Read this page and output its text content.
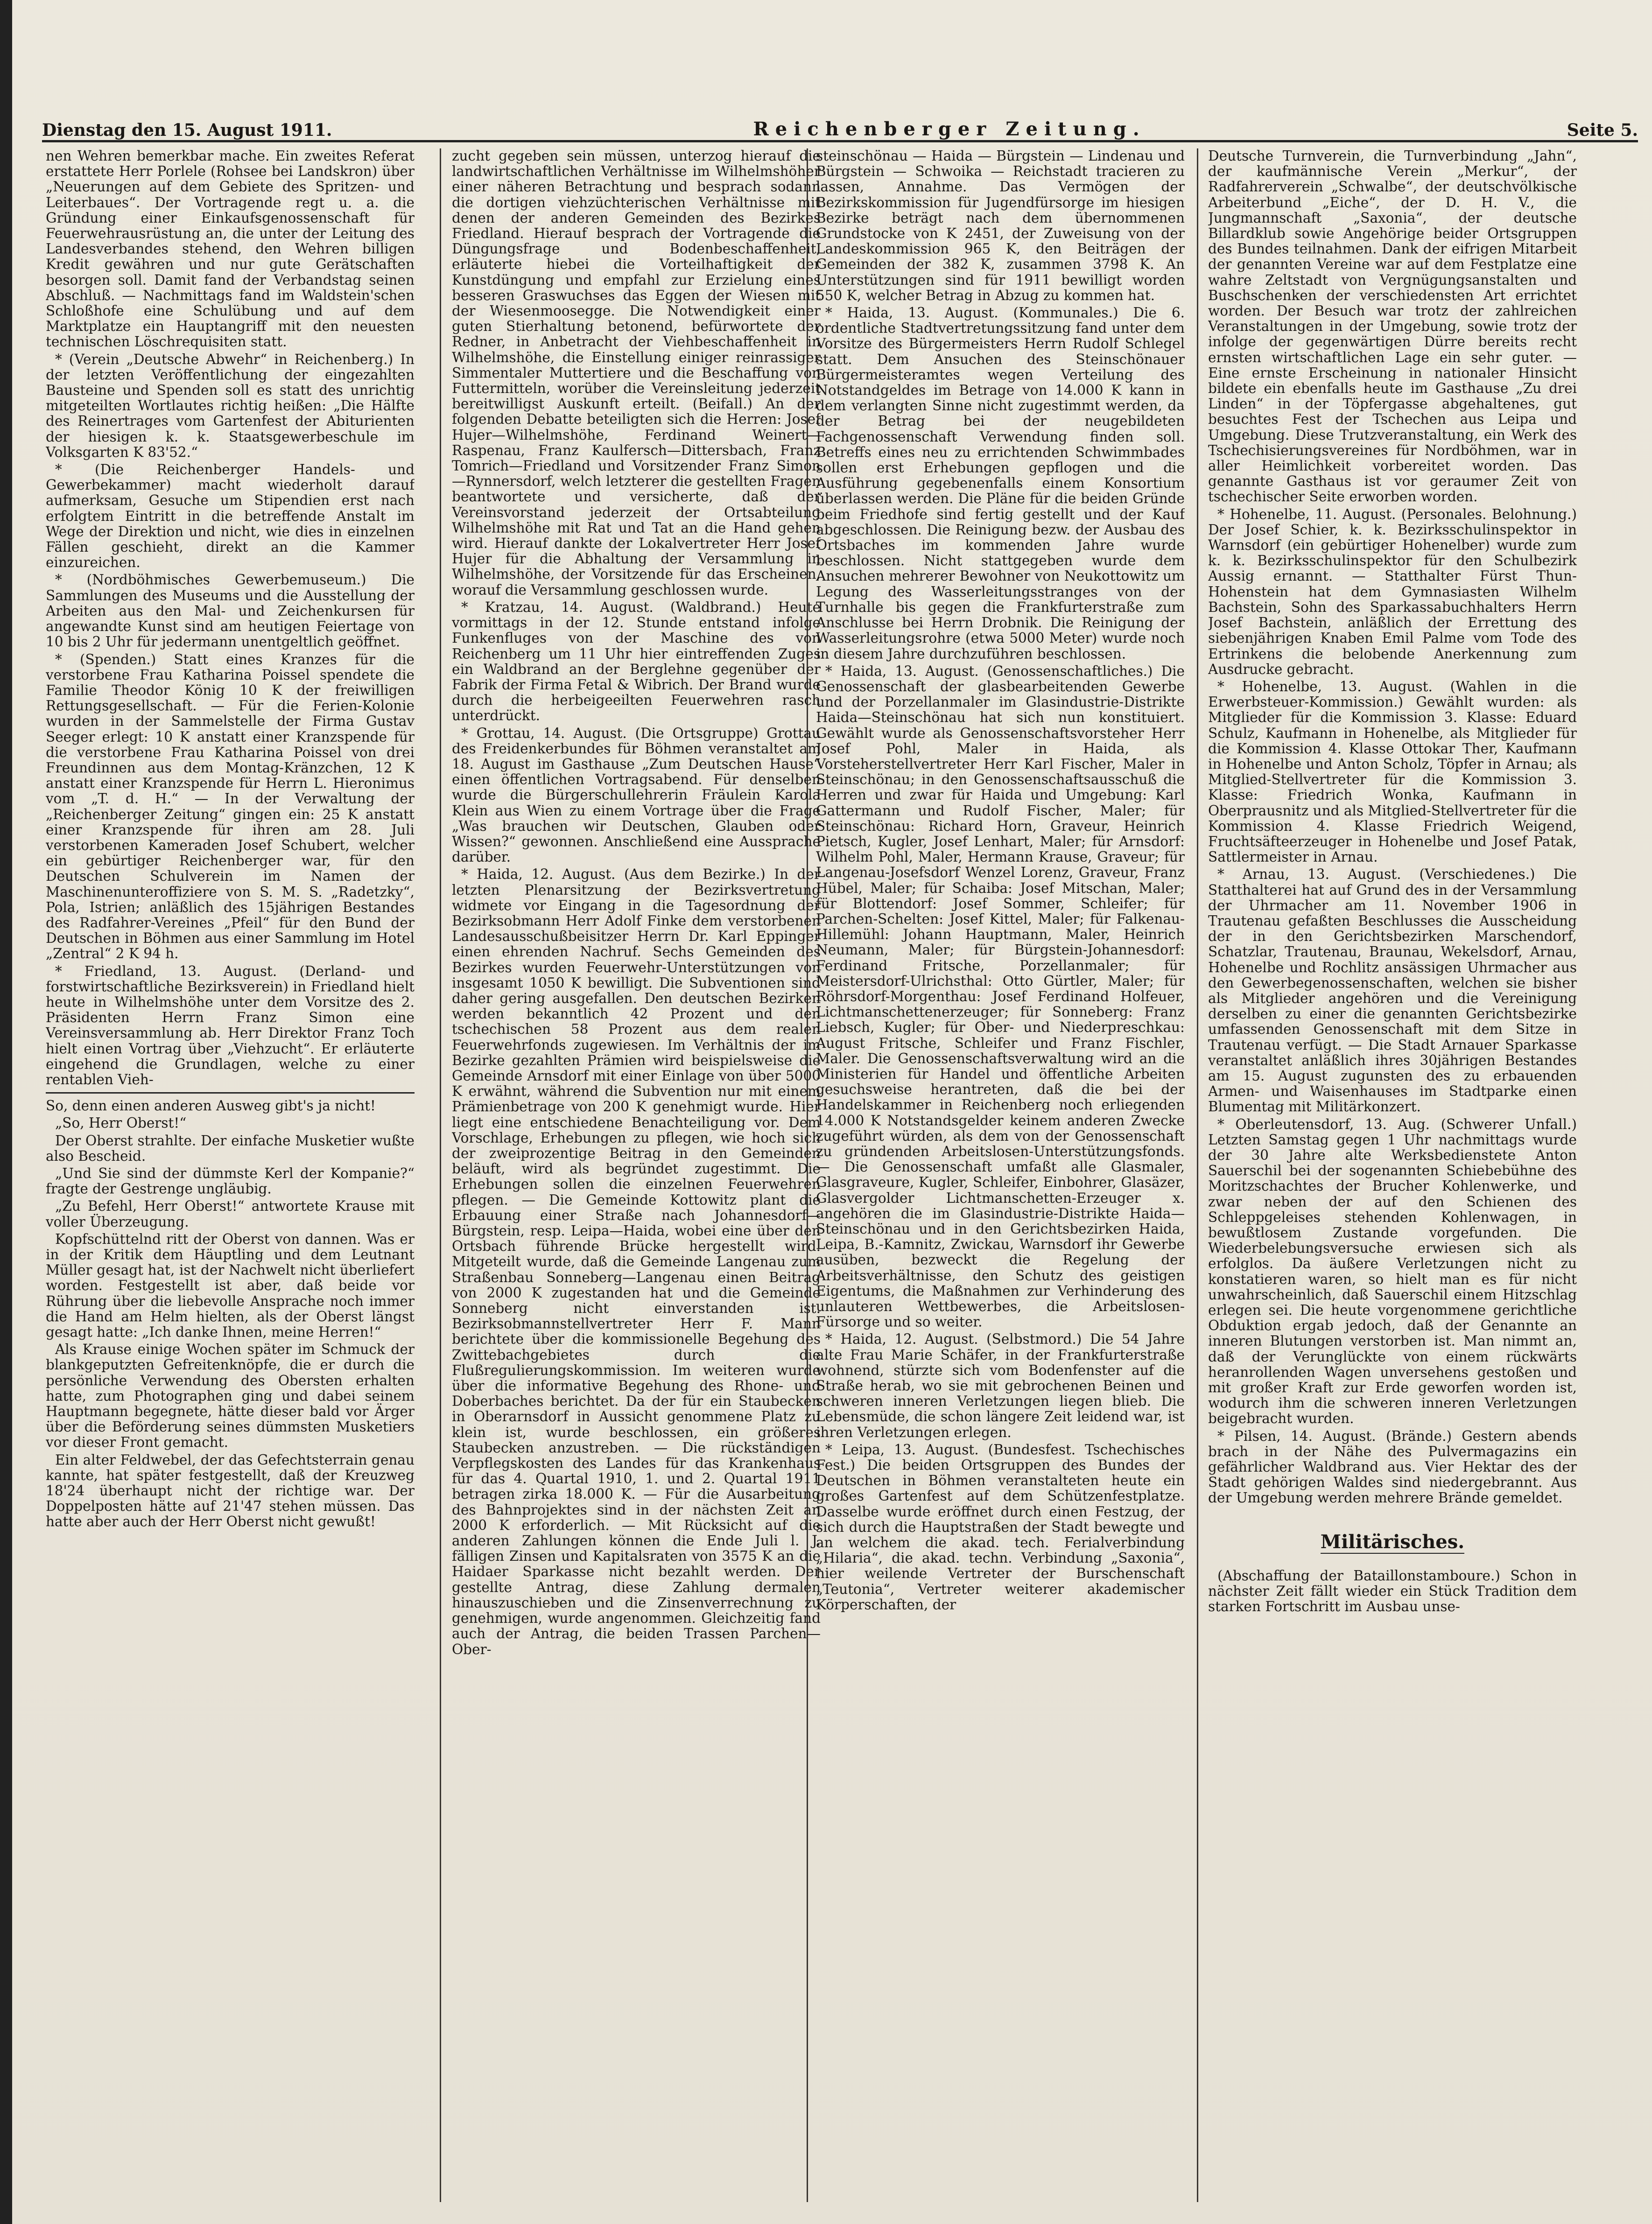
Dienstag den 15. August 1911.	Reichenberger Zeitung.	Seite 5.

nen Wehren bemerkbar mache. Ein zweites Referat erstattete Herr Porlele (Rohsee bei Landskron) über „Neuerungen auf dem Gebiete des Spritzen- und Leiterbaues“. Der Vortragende regt u. a. die Gründung einer Einkaufsgenossenschaft für Feuerwehrausrüstung an, die unter der Leitung des Landesverbandes stehend, den Wehren billigen Kredit gewähren und nur gute Gerätschaften besorgen soll. Damit fand der Verbandstag seinen Abschluß. — Nachmittags fand im Waldstein'schen Schloßhofe eine Schulübung und auf dem Marktplatze ein Hauptangriff mit den neuesten technischen Löschrequisiten statt.

* (Verein „Deutsche Abwehr“ in Reichenberg.) In der letzten Veröffentlichung der eingezahlten Bausteine und Spenden soll es statt des unrichtig mitgeteilten Wortlautes richtig heißen: „Die Hälfte des Reinertrages vom Gartenfest der Abiturienten der hiesigen k. k. Staatsgewerbeschule im Volksgarten K 83'52.“

* (Die Reichenberger Handels- und Gewerbekammer) macht wiederholt darauf aufmerksam, Gesuche um Stipendien erst nach erfolgtem Eintritt in die betreffende Anstalt im Wege der Direktion und nicht, wie dies in einzelnen Fällen geschieht, direkt an die Kammer einzureichen.

* (Nordböhmisches Gewerbemuseum.) Die Sammlungen des Museums und die Ausstellung der Arbeiten aus den Mal- und Zeichenkursen für angewandte Kunst sind am heutigen Feiertage von 10 bis 2 Uhr für jedermann unentgeltlich geöffnet.

* (Spenden.) Statt eines Kranzes für die verstorbene Frau Katharina Poissel spendete die Familie Theodor König 10 K der freiwilligen Rettungsgesellschaft. — Für die Ferien-Kolonie wurden in der Sammelstelle der Firma Gustav Seeger erlegt: 10 K anstatt einer Kranzspende für die verstorbene Frau Katharina Poissel von drei Freundinnen aus dem Montag-Kränzchen, 12 K anstatt einer Kranzspende für Herrn L. Hieronimus vom „T. d. H.“ — In der Verwaltung der „Reichenberger Zeitung“ gingen ein: 25 K anstatt einer Kranzspende für ihren am 28. Juli verstorbenen Kameraden Josef Schubert, welcher ein gebürtiger Reichenberger war, für den Deutschen Schulverein im Namen der Maschinenunteroffiziere von S. M. S. „Radetzky“, Pola, Istrien; anläßlich des 15jährigen Bestandes des Radfahrer-Vereines „Pfeil“ für den Bund der Deutschen in Böhmen aus einer Sammlung im Hotel „Zentral“ 2 K 94 h.

* Friedland, 13. August. (Derland- und forstwirtschaftliche Bezirksverein) in Friedland hielt heute in Wilhelmshöhe unter dem Vorsitze des 2. Präsidenten Herrn Franz Simon eine Vereinsversammlung ab. Herr Direktor Franz Toch hielt einen Vortrag über „Viehzucht“. Er erläuterte eingehend die Grundlagen, welche zu einer rentablen Vieh-

So, denn einen anderen Ausweg gibt's ja nicht!

„So, Herr Oberst!“

Der Oberst strahlte. Der einfache Musketier wußte also Bescheid.

„Und Sie sind der dümmste Kerl der Kompanie?“ fragte der Gestrenge ungläubig.

„Zu Befehl, Herr Oberst!“ antwortete Krause mit voller Überzeugung.

Kopfschüttelnd ritt der Oberst von dannen. Was er in der Kritik dem Häuptling und dem Leutnant Müller gesagt hat, ist der Nachwelt nicht überliefert worden. Festgestellt ist aber, daß beide vor Rührung über die liebevolle Ansprache noch immer die Hand am Helm hielten, als der Oberst längst gesagt hatte: „Ich danke Ihnen, meine Herren!“

Als Krause einige Wochen später im Schmuck der blankgeputzten Gefreitenknöpfe, die er durch die persönliche Verwendung des Obersten erhalten hatte, zum Photographen ging und dabei seinem Hauptmann begegnete, hätte dieser bald vor Ärger über die Beförderung seines dümmsten Musketiers vor dieser Front gemacht.

Ein alter Feldwebel, der das Gefechtsterrain genau kannte, hat später festgestellt, daß der Kreuzweg 18'24 überhaupt nicht der richtige war. Der Doppelposten hätte auf 21'47 stehen müssen. Das hatte aber auch der Herr Oberst nicht gewußt!

zucht gegeben sein müssen, unterzog hierauf die landwirtschaftlichen Verhältnisse im Wilhelmshöher einer näheren Betrachtung und besprach sodann die dortigen viehzüchterischen Verhältnisse mit denen der anderen Gemeinden des Bezirkes Friedland. Hierauf besprach der Vortragende die Düngungsfrage und Bodenbeschaffenheit, erläuterte hiebei die Vorteilhaftigkeit der Kunstdüngung und empfahl zur Erzielung eines besseren Graswuchses das Eggen der Wiesen mit der Wiesenmoosegge. Die Notwendigkeit einer guten Stierhaltung betonend, befürwortete der Redner, in Anbetracht der Viehbeschaffenheit in Wilhelmshöhe, die Einstellung einiger reinrassiger Simmentaler Muttertiere und die Beschaffung von Futtermitteln, worüber die Vereinsleitung jederzeit bereitwilligst Auskunft erteilt. (Beifall.) An der folgenden Debatte beteiligten sich die Herren: Josef Hujer—Wilhelmshöhe, Ferdinand Weinert—Raspenau, Franz Kaulfersch—Dittersbach, Franz Tomrich—Friedland und Vorsitzender Franz Simon—Rynnersdorf, welch letzterer die gestellten Fragen beantwortete und versicherte, daß der Vereinsvorstand jederzeit der Ortsabteilung Wilhelmshöhe mit Rat und Tat an die Hand gehen wird. Hierauf dankte der Lokalvertreter Herr Josef Hujer für die Abhaltung der Versammlung in Wilhelmshöhe, der Vorsitzende für das Erscheinen, worauf die Versammlung geschlossen wurde.

* Kratzau, 14. August. (Waldbrand.) Heute vormittags in der 12. Stunde entstand infolge Funkenfluges von der Maschine des von Reichenberg um 11 Uhr hier eintreffenden Zuges ein Waldbrand an der Berglehne gegenüber der Fabrik der Firma Fetal & Wibrich. Der Brand wurde durch die herbeigeeilten Feuerwehren rasch unterdrückt.

* Grottau, 14. August. (Die Ortsgruppe) Grottau des Freidenkerbundes für Böhmen veranstaltet am 18. August im Gasthause „Zum Deutschen Hause“ einen öffentlichen Vortragsabend. Für denselben wurde die Bürgerschullehrerin Fräulein Karola Klein aus Wien zu einem Vortrage über die Frage „Was brauchen wir Deutschen, Glauben oder Wissen?“ gewonnen. Anschließend eine Aussprache darüber.

* Haida, 12. August. (Aus dem Bezirke.) In der letzten Plenarsitzung der Bezirksvertretung widmete vor Eingang in die Tagesordnung der Bezirksobmann Herr Adolf Finke dem verstorbenen Landesausschußbeisitzer Herrn Dr. Karl Eppinger einen ehrenden Nachruf. Sechs Gemeinden des Bezirkes wurden Feuerwehr-Unterstützungen von insgesamt 1050 K bewilligt. Die Subventionen sind daher gering ausgefallen. Den deutschen Bezirken werden bekanntlich 42 Prozent und den tschechischen 58 Prozent aus dem realen Feuerwehrfonds zugewiesen. Im Verhältnis der im Bezirke gezahlten Prämien wird beispielsweise die Gemeinde Arnsdorf mit einer Einlage von über 5000 K erwähnt, während die Subvention nur mit einem Prämienbetrage von 200 K genehmigt wurde. Hier liegt eine entschiedene Benachteiligung vor. Dem Vorschlage, Erhebungen zu pflegen, wie hoch sich der zweiprozentige Beitrag in den Gemeinden beläuft, wird als begründet zugestimmt. Die Erhebungen sollen die einzelnen Feuerwehren pflegen. — Die Gemeinde Kottowitz plant die Erbauung einer Straße nach Johannesdorf—Bürgstein, resp. Leipa—Haida, wobei eine über den Ortsbach führende Brücke hergestellt wird. Mitgeteilt wurde, daß die Gemeinde Langenau zum Straßenbau Sonneberg—Langenau einen Beitrag von 2000 K zugestanden hat und die Gemeinde Sonneberg nicht einverstanden ist. Bezirksobmannstellvertreter Herr F. Mann berichtete über die kommissionelle Begehung des Zwittebachgebietes durch die Flußregulierungskommission. Im weiteren wurde über die informative Begehung des Rhone- und Doberbaches berichtet. Da der für ein Staubecken in Oberarnsdorf in Aussicht genommene Platz zu klein ist, wurde beschlossen, ein größeres Staubecken anzustreben. — Die rückständigen Verpflegskosten des Landes für das Krankenhaus für das 4. Quartal 1910, 1. und 2. Quartal 1911 betragen zirka 18.000 K. — Für die Ausarbeitung des Bahnprojektes sind in der nächsten Zeit an 2000 K erforderlich. — Mit Rücksicht auf die anderen Zahlungen können die Ende Juli l. J. fälligen Zinsen und Kapitalsraten von 3575 K an die Haidaer Sparkasse nicht bezahlt werden. Der gestellte Antrag, diese Zahlung dermalen hinauszuschieben und die Zinsenverrechnung zu genehmigen, wurde angenommen. Gleichzeitig fand auch der Antrag, die beiden Trassen Parchen—Ober-

steinschönau — Haida — Bürgstein — Lindenau und Bürgstein — Schwoika — Reichstadt tracieren zu lassen, Annahme. Das Vermögen der Bezirkskommission für Jugendfürsorge im hiesigen Bezirke beträgt nach dem übernommenen Grundstocke von K 2451, der Zuweisung von der Landeskommission 965 K, den Beiträgen der Gemeinden der 382 K, zusammen 3798 K. An Unterstützungen sind für 1911 bewilligt worden 550 K, welcher Betrag in Abzug zu kommen hat.

* Haida, 13. August. (Kommunales.) Die 6. ordentliche Stadtvertretungssitzung fand unter dem Vorsitze des Bürgermeisters Herrn Rudolf Schlegel statt. Dem Ansuchen des Steinschönauer Bürgermeisteramtes wegen Verteilung des Notstandgeldes im Betrage von 14.000 K kann in dem verlangten Sinne nicht zugestimmt werden, da der Betrag bei der neugebildeten Fachgenossenschaft Verwendung finden soll. Betreffs eines neu zu errichtenden Schwimmbades sollen erst Erhebungen gepflogen und die Ausführung gegebenenfalls einem Konsortium überlassen werden. Die Pläne für die beiden Gründe beim Friedhofe sind fertig gestellt und der Kauf abgeschlossen. Die Reinigung bezw. der Ausbau des Ortsbaches im kommenden Jahre wurde beschlossen. Nicht stattgegeben wurde dem Ansuchen mehrerer Bewohner von Neukottowitz um Legung des Wasserleitungsstranges von der Turnhalle bis gegen die Frankfurterstraße zum Anschlusse bei Herrn Drobnik. Die Reinigung der Wasserleitungsrohre (etwa 5000 Meter) wurde noch in diesem Jahre durchzuführen beschlossen.

* Haida, 13. August. (Genossenschaftliches.) Die Genossenschaft der glasbearbeitenden Gewerbe und der Porzellanmaler im Glasindustrie-Distrikte Haida—Steinschönau hat sich nun konstituiert. Gewählt wurde als Genossenschaftsvorsteher Herr Josef Pohl, Maler in Haida, als Vorsteherstellvertreter Herr Karl Fischer, Maler in Steinschönau; in den Genossenschaftsausschuß die Herren und zwar für Haida und Umgebung: Karl Gattermann und Rudolf Fischer, Maler; für Steinschönau: Richard Horn, Graveur, Heinrich Pietsch, Kugler, Josef Lenhart, Maler; für Arnsdorf: Wilhelm Pohl, Maler, Hermann Krause, Graveur; für Langenau-Josefsdorf Wenzel Lorenz, Graveur, Franz Hübel, Maler; für Schaiba: Josef Mitschan, Maler; für Blottendorf: Josef Sommer, Schleifer; für Parchen-Schelten: Josef Kittel, Maler; für Falkenau-Hillemühl: Johann Hauptmann, Maler, Heinrich Neumann, Maler; für Bürgstein-Johannesdorf: Ferdinand Fritsche, Porzellanmaler; für Meistersdorf-Ulrichsthal: Otto Gürtler, Maler; für Röhrsdorf-Morgenthau: Josef Ferdinand Holfeuer, Lichtmanschettenerzeuger; für Sonneberg: Franz Liebsch, Kugler; für Ober- und Niederpreschkau: August Fritsche, Schleifer und Franz Fischler, Maler. Die Genossenschaftsverwaltung wird an die Ministerien für Handel und öffentliche Arbeiten gesuchsweise herantreten, daß die bei der Handelskammer in Reichenberg noch erliegenden 14.000 K Notstandsgelder keinem anderen Zwecke zugeführt würden, als dem von der Genossenschaft zu gründenden Arbeitslosen-Unterstützungsfonds. — Die Genossenschaft umfaßt alle Glasmaler, Glasgraveure, Kugler, Schleifer, Einbohrer, Glasäzer, Glasvergolder Lichtmanschetten-Erzeuger x. angehören die im Glasindustrie-Distrikte Haida—Steinschönau und in den Gerichtsbezirken Haida, Leipa, B.-Kamnitz, Zwickau, Warnsdorf ihr Gewerbe ausüben, bezweckt die Regelung der Arbeitsverhältnisse, den Schutz des geistigen Eigentums, die Maßnahmen zur Verhinderung des unlauteren Wettbewerbes, die Arbeitslosen-Fürsorge und so weiter.

* Haida, 12. August. (Selbstmord.) Die 54 Jahre alte Frau Marie Schäfer, in der Frankfurterstraße wohnend, stürzte sich vom Bodenfenster auf die Straße herab, wo sie mit gebrochenen Beinen und schweren inneren Verletzungen liegen blieb. Die Lebensmüde, die schon längere Zeit leidend war, ist ihren Verletzungen erlegen.

* Leipa, 13. August. (Bundesfest. Tschechisches Fest.) Die beiden Ortsgruppen des Bundes der Deutschen in Böhmen veranstalteten heute ein großes Gartenfest auf dem Schützenfestplatze. Dasselbe wurde eröffnet durch einen Festzug, der sich durch die Hauptstraßen der Stadt bewegte und an welchem die akad. tech. Ferialverbindung „Hilaria“, die akad. techn. Verbindung „Saxonia“, hier weilende Vertreter der Burschenschaft „Teutonia“, Vertreter weiterer akademischer Körperschaften, der

Deutsche Turnverein, die Turnverbindung „Jahn“, der kaufmännische Verein „Merkur“, der Radfahrerverein „Schwalbe“, der deutschvölkische Arbeiterbund „Eiche“, der D. H. V., die Jungmannschaft „Saxonia“, der deutsche Billardklub sowie Angehörige beider Ortsgruppen des Bundes teilnahmen. Dank der eifrigen Mitarbeit der genannten Vereine war auf dem Festplatze eine wahre Zeltstadt von Vergnügungsanstalten und Buschschenken der verschiedensten Art errichtet worden. Der Besuch war trotz der zahlreichen Veranstaltungen in der Umgebung, sowie trotz der infolge der gegenwärtigen Dürre bereits recht ernsten wirtschaftlichen Lage ein sehr guter. — Eine ernste Erscheinung in nationaler Hinsicht bildete ein ebenfalls heute im Gasthause „Zu drei Linden“ in der Töpfergasse abgehaltenes, gut besuchtes Fest der Tschechen aus Leipa und Umgebung. Diese Trutzveranstaltung, ein Werk des Tschechisierungsvereines für Nordböhmen, war in aller Heimlichkeit vorbereitet worden. Das genannte Gasthaus ist vor geraumer Zeit von tschechischer Seite erworben worden.

* Hohenelbe, 11. August. (Personales. Belohnung.) Der Josef Schier, k. k. Bezirksschulinspektor in Warnsdorf (ein gebürtiger Hohenelber) wurde zum k. k. Bezirksschulinspektor für den Schulbezirk Aussig ernannt. — Statthalter Fürst Thun-Hohenstein hat dem Gymnasiasten Wilhelm Bachstein, Sohn des Sparkassabuchhalters Herrn Josef Bachstein, anläßlich der Errettung des siebenjährigen Knaben Emil Palme vom Tode des Ertrinkens die belobende Anerkennung zum Ausdrucke gebracht.

* Hohenelbe, 13. August. (Wahlen in die Erwerbsteuer-Kommission.) Gewählt wurden: als Mitglieder für die Kommission 3. Klasse: Eduard Schulz, Kaufmann in Hohenelbe, als Mitglieder für die Kommission 4. Klasse Ottokar Ther, Kaufmann in Hohenelbe und Anton Scholz, Töpfer in Arnau; als Mitglied-Stellvertreter für die Kommission 3. Klasse: Friedrich Wonka, Kaufmann in Oberprausnitz und als Mitglied-Stellvertreter für die Kommission 4. Klasse Friedrich Weigend, Fruchtsäfteerzeuger in Hohenelbe und Josef Patak, Sattlermeister in Arnau.

* Arnau, 13. August. (Verschiedenes.) Die Statthalterei hat auf Grund des in der Versammlung der Uhrmacher am 11. November 1906 in Trautenau gefaßten Beschlusses die Ausscheidung der in den Gerichtsbezirken Marschendorf, Schatzlar, Trautenau, Braunau, Wekelsdorf, Arnau, Hohenelbe und Rochlitz ansässigen Uhrmacher aus den Gewerbegenossenschaften, welchen sie bisher als Mitglieder angehören und die Vereinigung derselben zu einer die genannten Gerichtsbezirke umfassenden Genossenschaft mit dem Sitze in Trautenau verfügt. — Die Stadt Arnauer Sparkasse veranstaltet anläßlich ihres 30jährigen Bestandes am 15. August zugunsten des zu erbauenden Armen- und Waisenhauses im Stadtparke einen Blumentag mit Militärkonzert.

* Oberleutensdorf, 13. Aug. (Schwerer Unfall.) Letzten Samstag gegen 1 Uhr nachmittags wurde der 30 Jahre alte Werksbedienstete Anton Sauerschil bei der sogenannten Schiebebühne des Moritzschachtes der Brucher Kohlenwerke, und zwar neben der auf den Schienen des Schleppgeleises stehenden Kohlenwagen, in bewußtlosem Zustande vorgefunden. Die Wiederbelebungsversuche erwiesen sich als erfolglos. Da äußere Verletzungen nicht zu konstatieren waren, so hielt man es für nicht unwahrscheinlich, daß Sauerschil einem Hitzschlag erlegen sei. Die heute vorgenommene gerichtliche Obduktion ergab jedoch, daß der Genannte an inneren Blutungen verstorben ist. Man nimmt an, daß der Verunglückte von einem rückwärts heranrollenden Wagen unversehens gestoßen und mit großer Kraft zur Erde geworfen worden ist, wodurch ihm die schweren inneren Verletzungen beigebracht wurden.

* Pilsen, 14. August. (Brände.) Gestern abends brach in der Nähe des Pulvermagazins ein gefährlicher Waldbrand aus. Vier Hektar des der Stadt gehörigen Waldes sind niedergebrannt. Aus der Umgebung werden mehrere Brände gemeldet.

Militärisches.

(Abschaffung der Bataillonstamboure.) Schon in nächster Zeit fällt wieder ein Stück Tradition dem starken Fortschritt im Ausbau unse-
